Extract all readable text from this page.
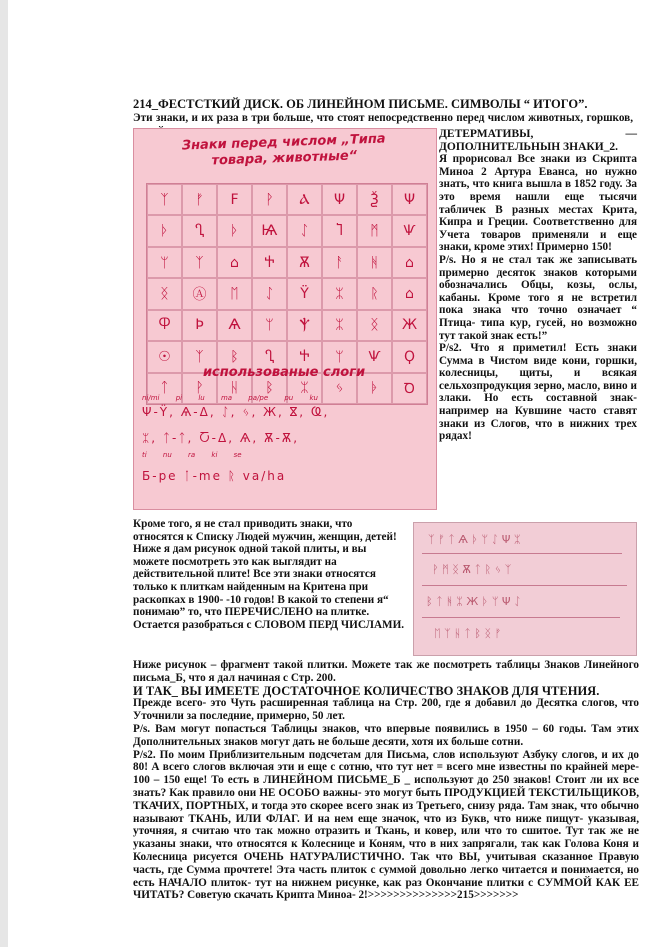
214_ФЕСТСТКИЙ ДИСК. ОБ ЛИНЕЙНОМ ПИСЬМЕ. СИМВОЛЫ “ ИТОГО”.

Эти знаки, и их раза в три больше, что стоят непосредственно перед числом животных, горшков,

Знаки перед числом „Типа товара, животные“
ᛉ	ᚠ	Ϝ	ᚹ	Ⲁ	Ψ	Ѯ	Ψ
ᚦ	Ⴂ	ᚦ	Ѩ	ᛇ	Ⴈ	ᛗ	Ѱ
ᛘ	ᛉ	⌂	Ⴕ	Ѫ	ᚨ	ᚻ	⌂
ᛝ	Ⓐ	ᛖ	ᛇ	Ϋ	ᛯ	ᚱ	⌂
Ⴔ	Ϸ	Ѧ	ᛘ	Ⲯ	ᛯ	ᛝ	Ж
☉	ᛉ	ᛒ	Ⴂ	Ⴕ	ᛘ	Ѱ	Ϙ
ᛏ	ᚹ	ᚺ	ᛒ	ᛯ	ᛃ	ᚧ	Ꝺ
использованые слоги
ni/mi pi lu ma pa/pe pu ku
Ψ-Ϋ, Ѧ-Δ, ᛇ, ᛃ, Ж, ⴵ, Ҩ,
ᛯ, ᛏ-ᛏ, Ⴀ-Δ, Ѧ, Ѫ-Ѫ,
ti nu ra ki se
Б-pe ᛙ-me ᚱ va/ha
ДЕТЕРМАТИВЫ, — ДОПОЛНИТЕЛЬНЫН ЗНАКИ_2.
Я прорисовал Все знаки из Скрипта Миноа 2 Артура Еванса, но нужно знать, что книга вышла в 1852 году. За это время нашли еще тысячи табличек В разных местах Крита, Кипра и Греции. Соответственно для Учета товаров применяли и еще знаки, кроме этих! Примерно 150!
P/s. Но я не стал так же записывать примерно десяток знаков которыми обозначались Обцы, козы, ослы, кабаны. Кроме того я не встретил пока знака что точно означает “ Птица- типа кур, гусей, но возможно тут такой знак есть!”
P/s2. Что я приметил! Есть знаки Сумма в Чистом виде кони, горшки, колесницы, щиты, и всякая сельхозпродукция зерно, масло, вино и злаки. Но есть составной знак- например на Кувшине часто ставят знаки из Слогов, что в нижних трех рядах!

Кроме того, я не стал приводить знаки, что относятся к Списку Людей мужчин, женщин, детей! Ниже я дам рисунок одной такой плиты, и вы можете посмотреть это как выглядит на действительной плите! Все эти знаки относятся только к плиткам найденным на Критена при раскопках в 1900- -10 годов! В какой то степени я“ понимаю” то, что ПЕРЕЧИСЛЕНО на плитке. Остается разобраться с СЛОВОМ ПЕРД ЧИСЛАМИ.

ᛉ ᚠ ᛏ Ѧ ᚦ ᛘ ᛇ Ψ ᛯ
ᚹ ᛗ ᛝ Ѫ ᛏ ᚱ ᛃ ᛉ
ᛒ ᛏ ᚻ ᛯ Ж ᚦ ᛘ Ψ ᛇ
ᛖ ᛉ ᚺ ᛏ ᛒ ᛝ ᚠ
Ниже рисунок – фрагмент такой плитки. Можете так же посмотреть таблицы Знаков Линейного письма_Б, что я дал начиная с Стр. 200.
И ТАК_ ВЫ ИМЕЕТЕ ДОСТАТОЧНОЕ КОЛИЧЕСТВО ЗНАКОВ ДЛЯ ЧТЕНИЯ.
Прежде всего- это Чуть расширенная таблица на Стр. 200, где я добавил до Десятка слогов, что Уточнили за последние, примерно, 50 лет.
P/s. Вам могут попасться Таблицы знаков, что впервые появились в 1950 – 60 годы. Там этих Дополнительных знаков могут дать не больше десяти, хотя их больше сотни.
P/s2. По моим Приблизительным подсчетам для Письма, слов используют Азбуку слогов, и их до 80! А всего слогов включая эти и еще с сотню, что тут нет = всего мне известны по крайней мере- 100 – 150 еще! То есть в ЛИНЕЙНОМ ПИСЬМЕ_Б _ используют до 250 знаков! Стоит ли их все знать? Как правило они НЕ ОСОБО важны- это могут быть ПРОДУКЦИЕЙ ТЕКСТИЛЬЩИКОВ, ТКАЧИХ, ПОРТНЫХ, и тогда это скорее всего знак из Третьего, снизу ряда. Там знак, что обычно называют ТКАНЬ, ИЛИ ФЛАГ. И на нем еще значок, что из Букв, что ниже пищут- указывая, уточняя, я считаю что так можно отразить и Ткань, и ковер, или что то сшитое. Тут так же не указаны знаки, что относятся к Колеснице и Коням, что в них запрягали, так как Голова Коня и Колесница рисуется ОЧЕНЬ НАТУРАЛИСТИЧНО. Так что ВЫ, учитывая сказанное Правую часть, где Сумма прочтете! Эта часть плиток с суммой довольно легко читается и понимается, но есть НАЧАЛО плиток- тут на нижнем рисунке, как раз Окончание плитки с СУММОЙ КАК ЕЕ ЧИТАТЬ? Советую скачать Крипта Миноа- 2!>>>>>>>>>>>>>>215>>>>>>>
